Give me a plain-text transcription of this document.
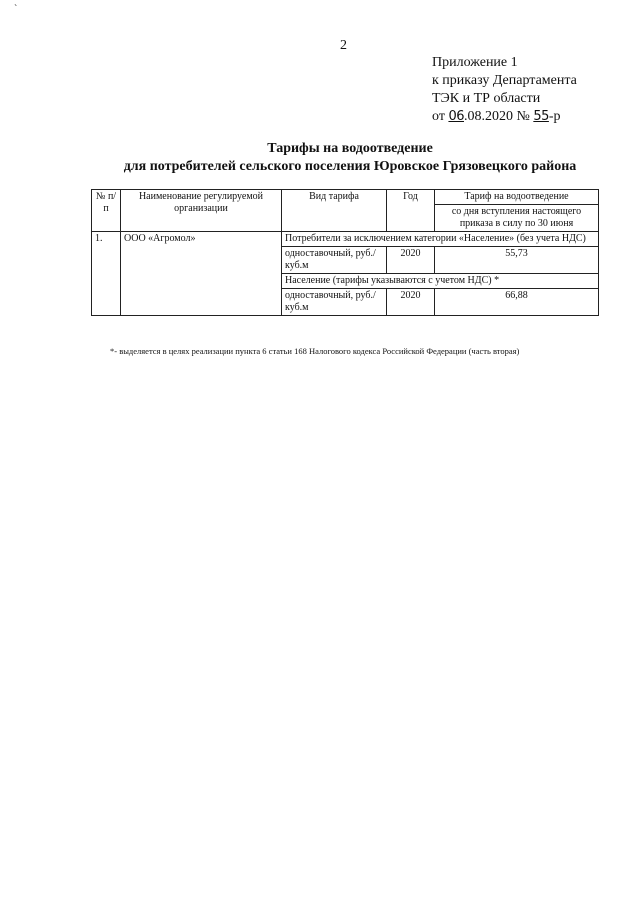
`
2
Приложение 1
к приказу Департамента
ТЭК и ТР области
от 06.08.2020 № 55-р
Тарифы на водоотведение
для потребителей сельского поселения Юровское Грязовецкого района
№ п/п	Наименование регулируемой организации	Вид тарифа	Год	Тариф на водоотведение
				со дня вступления настоящего приказа в силу по 30 июня
1.	ООО «Агромол»	Потребители за исключением категории «Население» (без учета НДС)		
		одноставочный, руб./куб.м	2020	55,73
		Население (тарифы указываются с учетом НДС) *		
		одноставочный, руб./куб.м	2020	66,88
*- выделяется в целях реализации пункта 6 статьи 168 Налогового кодекса Российской Федерации (часть вторая)
